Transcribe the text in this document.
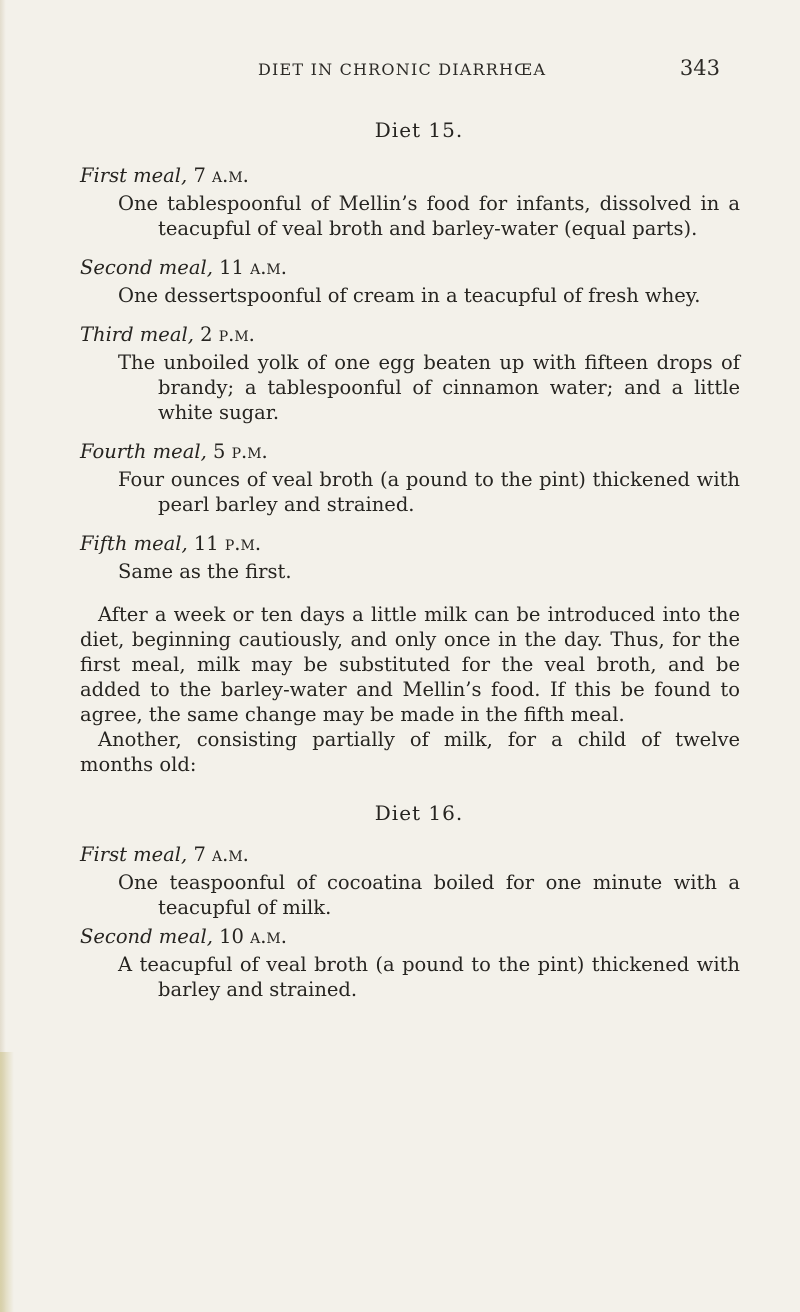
DIET IN CHRONIC DIARRHŒA	343
Diet 15.
First meal, 7 a.m.

One tablespoonful of Mellin’s food for infants, dissolved in a teacupful of veal broth and barley-water (equal parts).

Second meal, 11 a.m.

One dessertspoonful of cream in a teacupful of fresh whey.

Third meal, 2 p.m.

The unboiled yolk of one egg beaten up with fifteen drops of brandy; a tablespoonful of cinnamon water; and a little white sugar.

Fourth meal, 5 p.m.

Four ounces of veal broth (a pound to the pint) thickened with pearl barley and strained.

Fifth meal, 11 p.m.

Same as the first.

After a week or ten days a little milk can be introduced into the diet, beginning cautiously, and only once in the day. Thus, for the first meal, milk may be substituted for the veal broth, and be added to the barley-water and Mellin’s food. If this be found to agree, the same change may be made in the fifth meal.

Another, consisting partially of milk, for a child of twelve months old:

Diet 16.
First meal, 7 a.m.

One teaspoonful of cocoatina boiled for one minute with a teacupful of milk.

Second meal, 10 a.m.

A teacupful of veal broth (a pound to the pint) thickened with barley and strained.
